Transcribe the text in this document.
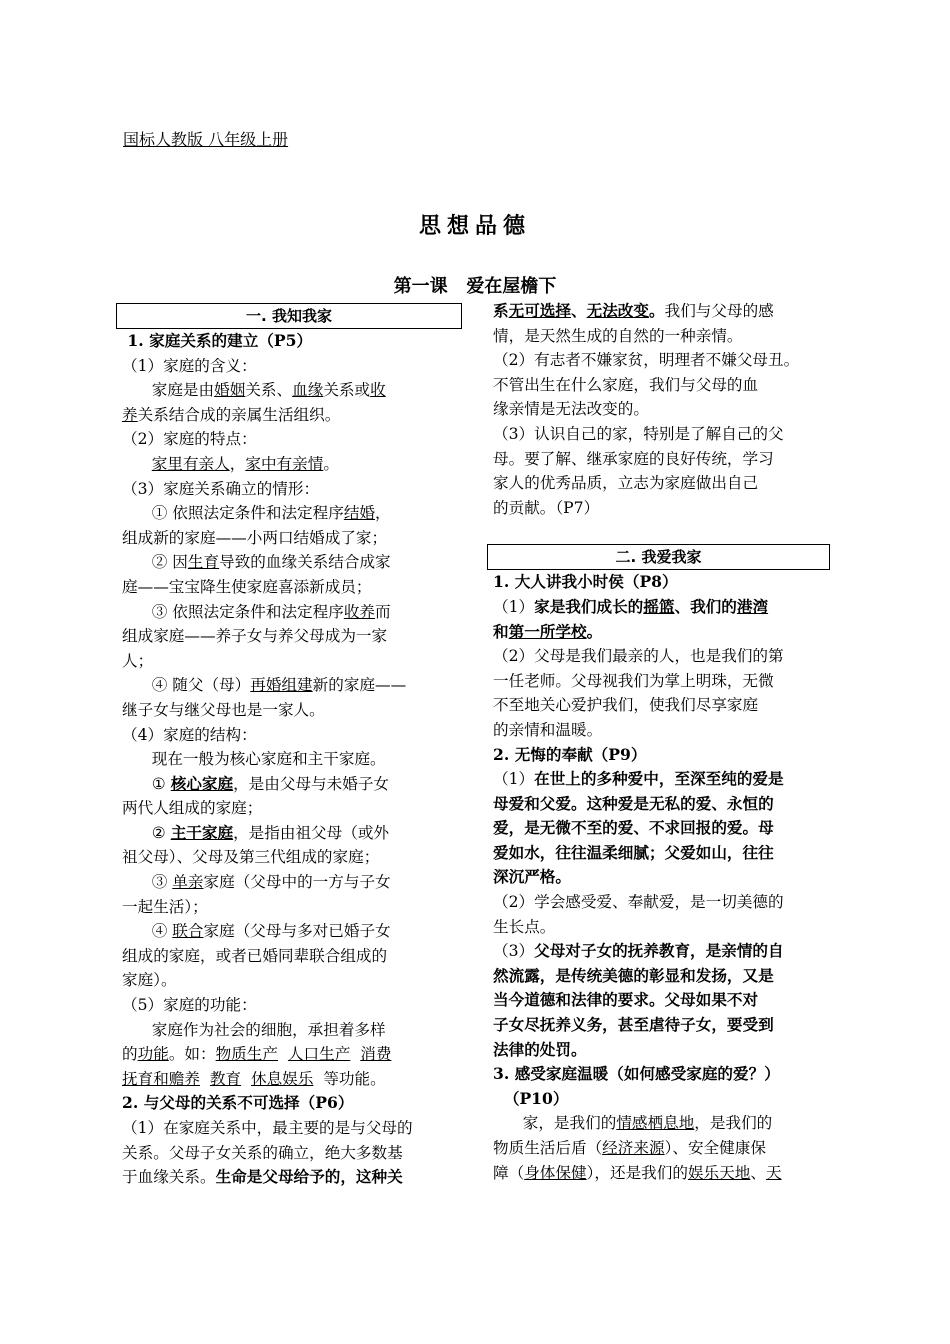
国标人教版 八年级上册
思想品德
第一课   爱在屋檐下
一. 我知我家
1. 家庭关系的建立（P5）
（1）家庭的含义：
家庭是由婚姻关系、血缘关系或收
养关系结合成的亲属生活组织。
（2）家庭的特点：
家里有亲人，家中有亲情。
（3）家庭关系确立的情形：
① 依照法定条件和法定程序结婚，
组成新的家庭——小两口结婚成了家；
② 因生育导致的血缘关系结合成家
庭——宝宝降生使家庭喜添新成员；
③ 依照法定条件和法定程序收养而
组成家庭——养子女与养父母成为一家
人；
④ 随父（母）再婚组建新的家庭——
继子女与继父母也是一家人。
（4）家庭的结构：
现在一般为核心家庭和主干家庭。
① 核心家庭，是由父母与未婚子女
两代人组成的家庭；
② 主干家庭，是指由祖父母（或外
祖父母）、父母及第三代组成的家庭；
③ 单亲家庭（父母中的一方与子女
一起生活）；
④ 联合家庭（父母与多对已婚子女
组成的家庭，或者已婚同辈联合组成的
家庭）。
（5）家庭的功能：
家庭作为社会的细胞，承担着多样
的功能。如：物质生产 人口生产 消费
抚育和赡养 教育 休息娱乐  等功能。
2. 与父母的关系不可选择（P6）
（1）在家庭关系中，最主要的是与父母的
关系。父母子女关系的确立，绝大多数基
于血缘关系。生命是父母给予的，这种关
系无可选择、无法改变。我们与父母的感
情，是天然生成的自然的一种亲情。
（2）有志者不嫌家贫，明理者不嫌父母丑。
不管出生在什么家庭，我们与父母的血
缘亲情是无法改变的。
（3）认识自己的家，特别是了解自己的父
母。要了解、继承家庭的良好传统，学习
家人的优秀品质，立志为家庭做出自己
的贡献。（P7）
二. 我爱我家
1. 大人讲我小时侯（P8）
（1）家是我们成长的摇篮、我们的港湾
和第一所学校。
（2）父母是我们最亲的人，也是我们的第
一任老师。父母视我们为掌上明珠，无微
不至地关心爱护我们，使我们尽享家庭
的亲情和温暖。
2. 无悔的奉献（P9）
（1）在世上的多种爱中，至深至纯的爱是
母爱和父爱。这种爱是无私的爱、永恒的
爱，是无微不至的爱、不求回报的爱。母
爱如水，往往温柔细腻；父爱如山，往往
深沉严格。
（2）学会感受爱、奉献爱，是一切美德的
生长点。
（3）父母对子女的抚养教育，是亲情的自
然流露，是传统美德的彰显和发扬，又是
当今道德和法律的要求。父母如果不对
子女尽抚养义务，甚至虐待子女，要受到
法律的处罚。
3. 感受家庭温暖（如何感受家庭的爱？）
（P10）
家，是我们的情感栖息地，是我们的
物质生活后盾（经济来源）、安全健康保
障（身体保健），还是我们的娱乐天地、天
